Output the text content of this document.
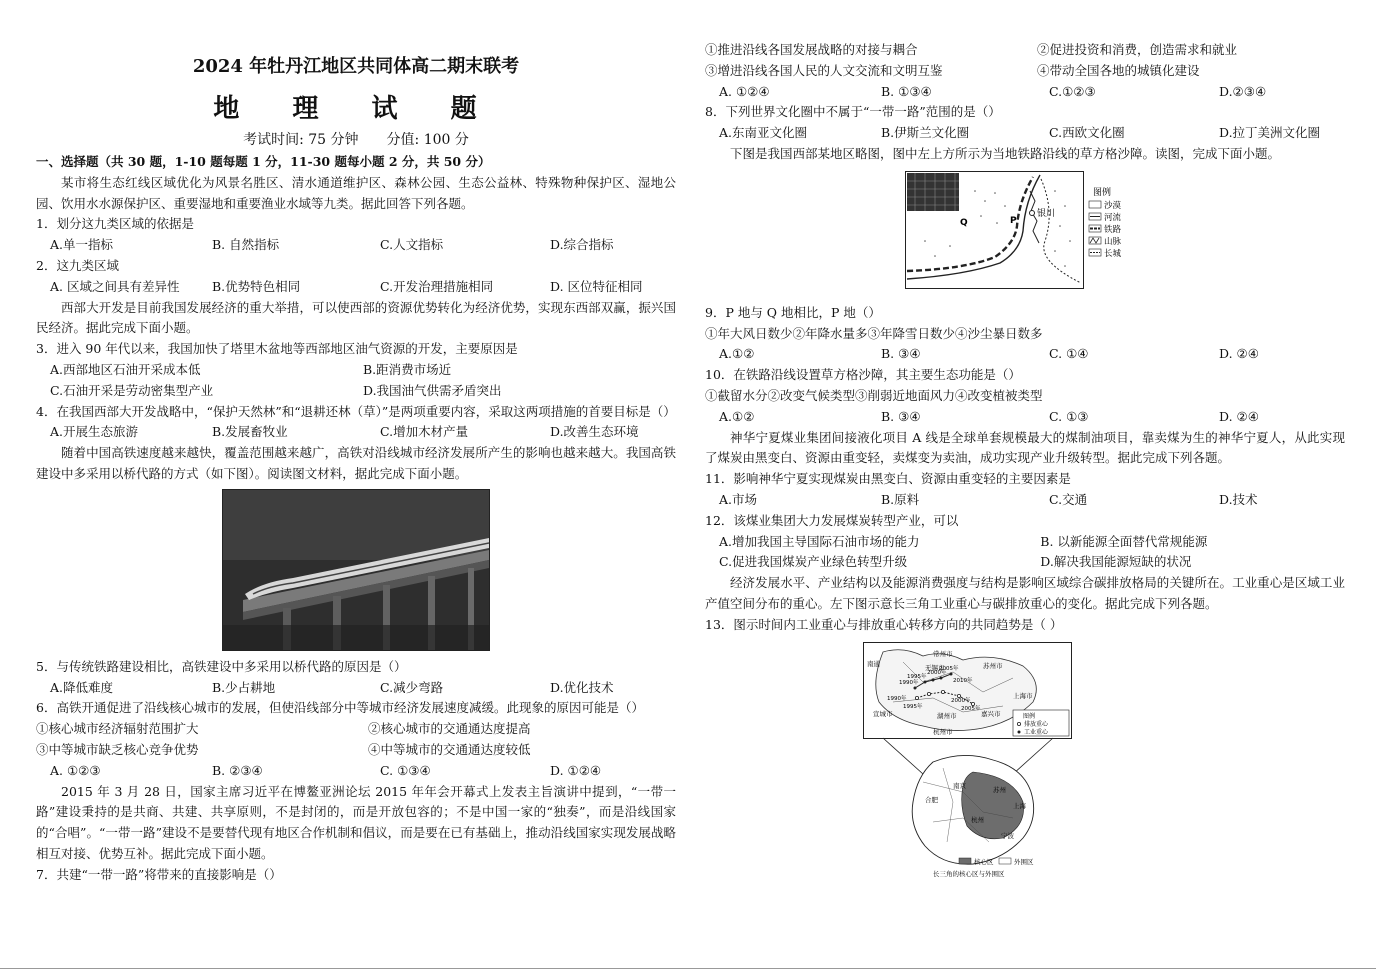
2024 年牡丹江地区共同体高二期末联考
地 理 试 题
考试时间: 75 分钟　　分值: 100 分
一、选择题（共 30 题，1-10 题每题 1 分，11-30 题每小题 2 分，共 50 分）
某市将生态红线区域优化为风景名胜区、清水通道维护区、森林公园、生态公益林、特殊物种保护区、湿地公园、饮用水水源保护区、重要湿地和重要渔业水域等九类。据此回答下列各题。
1．划分这九类区域的依据是
A.单一指标	B. 自然指标	C.人文指标	D.综合指标
2．这九类区域
A. 区域之间具有差异性	B.优势特色相同	C.开发治理措施相同	D. 区位特征相同
西部大开发是目前我国发展经济的重大举措，可以使西部的资源优势转化为经济优势，实现东西部双赢，振兴国民经济。据此完成下面小题。
3．进入 90 年代以来，我国加快了塔里木盆地等西部地区油气资源的开发，主要原因是
A.西部地区石油开采成本低	B.距消费市场近
C.石油开采是劳动密集型产业	D.我国油气供需矛盾突出
4．在我国西部大开发战略中，“保护天然林”和“退耕还林（草）”是两项重要内容，采取这两项措施的首要目标是（）
A.开展生态旅游	B.发展畜牧业	C.增加木材产量	D.改善生态环境
随着中国高铁速度越来越快，覆盖范围越来越广，高铁对沿线城市经济发展所产生的影响也越来越大。我国高铁建设中多采用以桥代路的方式（如下图）。阅读图文材料，据此完成下面小题。
5．与传统铁路建设相比，高铁建设中多采用以桥代路的原因是（）
A.降低难度	B.少占耕地	C.减少弯路	D.优化技术
6．高铁开通促进了沿线核心城市的发展，但使沿线部分中等城市经济发展速度减缓。此现象的原因可能是（）
①核心城市经济辐射范围扩大	②核心城市的交通通达度提高
③中等城市缺乏核心竞争优势	④中等城市的交通通达度较低
A. ①②③	B. ②③④	C. ①③④	D. ①②④
2015 年 3 月 28 日，国家主席习近平在博鳌亚洲论坛 2015 年年会开幕式上发表主旨演讲中提到，“一带一路”建设秉持的是共商、共建、共享原则，不是封闭的，而是开放包容的；不是中国一家的“独奏”，而是沿线国家的“合唱”。“一带一路”建设不是要替代现有地区合作机制和倡议，而是要在已有基础上，推动沿线国家实现发展战略相互对接、优势互补。据此完成下面小题。
7．共建“一带一路”将带来的直接影响是（）
①推进沿线各国发展战略的对接与耦合	②促进投资和消费，创造需求和就业
③增进沿线各国人民的人文交流和文明互鉴	④带动全国各地的城镇化建设
A. ①②④	B. ①③④	C.①②③	D.②③④
8．下列世界文化圈中不属于“一带一路”范围的是（）
A.东南亚文化圈	B.伊斯兰文化圈	C.西欧文化圈	D.拉丁美洲文化圈
下图是我国西部某地区略图，图中左上方所示为当地铁路沿线的草方格沙障。读图，完成下面小题。
银川
P
Q
图例
沙漠
河流
铁路
山脉
长城
9．P 地与 Q 地相比，P 地（）
①年大风日数少②年降水量多③年降雪日数少④沙尘暴日数多
A.①②	B. ③④	C. ①④	D. ②④
10．在铁路沿线设置草方格沙障，其主要生态功能是（）
①截留水分②改变气候类型③削弱近地面风力④改变植被类型
A.①②	B. ③④	C. ①③	D. ②④
神华宁夏煤业集团间接液化项目 A 线是全球单套规模最大的煤制油项目，靠卖煤为生的神华宁夏人，从此实现了煤炭由黑变白、资源由重变轻，卖煤变为卖油，成功实现产业升级转型。据此完成下列各题。
11．影响神华宁夏实现煤炭由黑变白、资源由重变轻的主要因素是
A.市场	B.原料	C.交通	D.技术
12．该煤业集团大力发展煤炭转型产业，可以
A.增加我国主导国际石油市场的能力	B. 以新能源全面替代常规能源
C.促进我国煤炭产业绿色转型升级	D.解决我国能源短缺的状况
经济发展水平、产业结构以及能源消费强度与结构是影响区域综合碳排放格局的关键所在。工业重心是区域工业产值空间分布的重心。左下图示意长三角工业重心与碳排放重心的变化。据此完成下列各题。
13．图示时间内工业重心与排放重心转移方向的共同趋势是（ ）
常州市
无锡市	苏州市
上海市
宣城市	湖州市	嘉兴市
杭州市
南通
1990年
1995年
2000年
2005年
2010年
1990年
1995年
2000年
2005年
图例
排放重心
工业重心
上海
杭州
合肥
南京	苏州
宁波
核心区	外围区
长三角的核心区与外围区
